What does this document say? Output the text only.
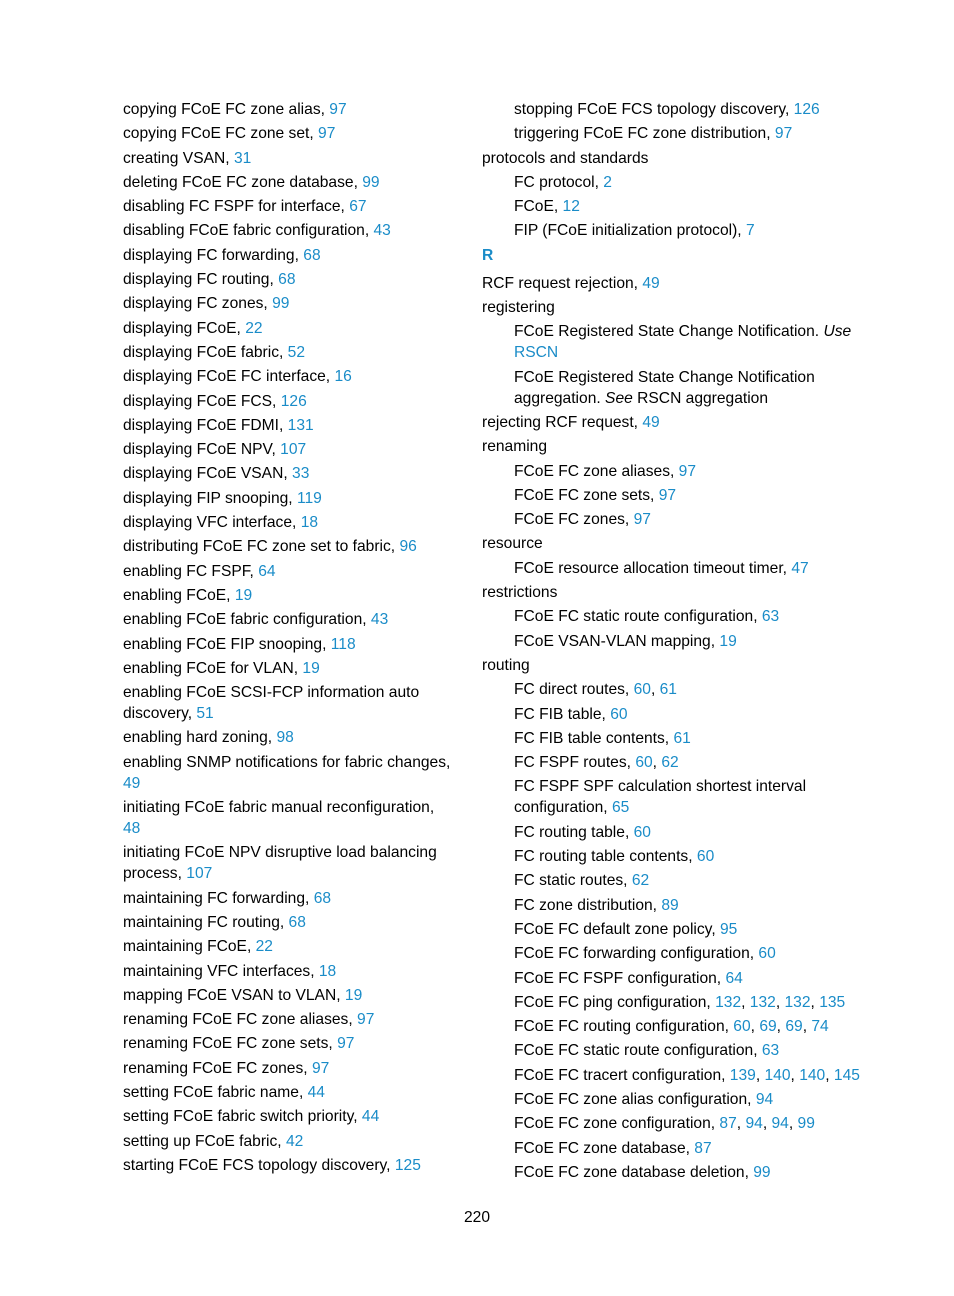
copying FCoE FC zone alias, 97
copying FCoE FC zone set, 97
creating VSAN, 31
deleting FCoE FC zone database, 99
disabling FC FSPF for interface, 67
disabling FCoE fabric configuration, 43
displaying FC forwarding, 68
displaying FC routing, 68
displaying FC zones, 99
displaying FCoE, 22
displaying FCoE fabric, 52
displaying FCoE FC interface, 16
displaying FCoE FCS, 126
displaying FCoE FDMI, 131
displaying FCoE NPV, 107
displaying FCoE VSAN, 33
displaying FIP snooping, 119
displaying VFC interface, 18
distributing FCoE FC zone set to fabric, 96
enabling FC FSPF, 64
enabling FCoE, 19
enabling FCoE fabric configuration, 43
enabling FCoE FIP snooping, 118
enabling FCoE for VLAN, 19
enabling FCoE SCSI-FCP information auto discovery, 51
enabling hard zoning, 98
enabling SNMP notifications for fabric changes, 49
initiating FCoE fabric manual reconfiguration, 48
initiating FCoE NPV disruptive load balancing process, 107
maintaining FC forwarding, 68
maintaining FC routing, 68
maintaining FCoE, 22
maintaining VFC interfaces, 18
mapping FCoE VSAN to VLAN, 19
renaming FCoE FC zone aliases, 97
renaming FCoE FC zone sets, 97
renaming FCoE FC zones, 97
setting FCoE fabric name, 44
setting FCoE fabric switch priority, 44
setting up FCoE fabric, 42
starting FCoE FCS topology discovery, 125
stopping FCoE FCS topology discovery, 126
triggering FCoE FC zone distribution, 97
protocols and standards
FC protocol, 2
FCoE, 12
FIP (FCoE initialization protocol), 7
R
RCF request rejection, 49
registering
FCoE Registered State Change Notification. Use RSCN
FCoE Registered State Change Notification aggregation. See RSCN aggregation
rejecting RCF request, 49
renaming
FCoE FC zone aliases, 97
FCoE FC zone sets, 97
FCoE FC zones, 97
resource
FCoE resource allocation timeout timer, 47
restrictions
FCoE FC static route configuration, 63
FCoE VSAN-VLAN mapping, 19
routing
FC direct routes, 60, 61
FC FIB table, 60
FC FIB table contents, 61
FC FSPF routes, 60, 62
FC FSPF SPF calculation shortest interval configuration, 65
FC routing table, 60
FC routing table contents, 60
FC static routes, 62
FC zone distribution, 89
FCoE FC default zone policy, 95
FCoE FC forwarding configuration, 60
FCoE FC FSPF configuration, 64
FCoE FC ping configuration, 132, 132, 132, 135
FCoE FC routing configuration, 60, 69, 69, 74
FCoE FC static route configuration, 63
FCoE FC tracert configuration, 139, 140, 140, 145
FCoE FC zone alias configuration, 94
FCoE FC zone configuration, 87, 94, 94, 99
FCoE FC zone database, 87
FCoE FC zone database deletion, 99
220
